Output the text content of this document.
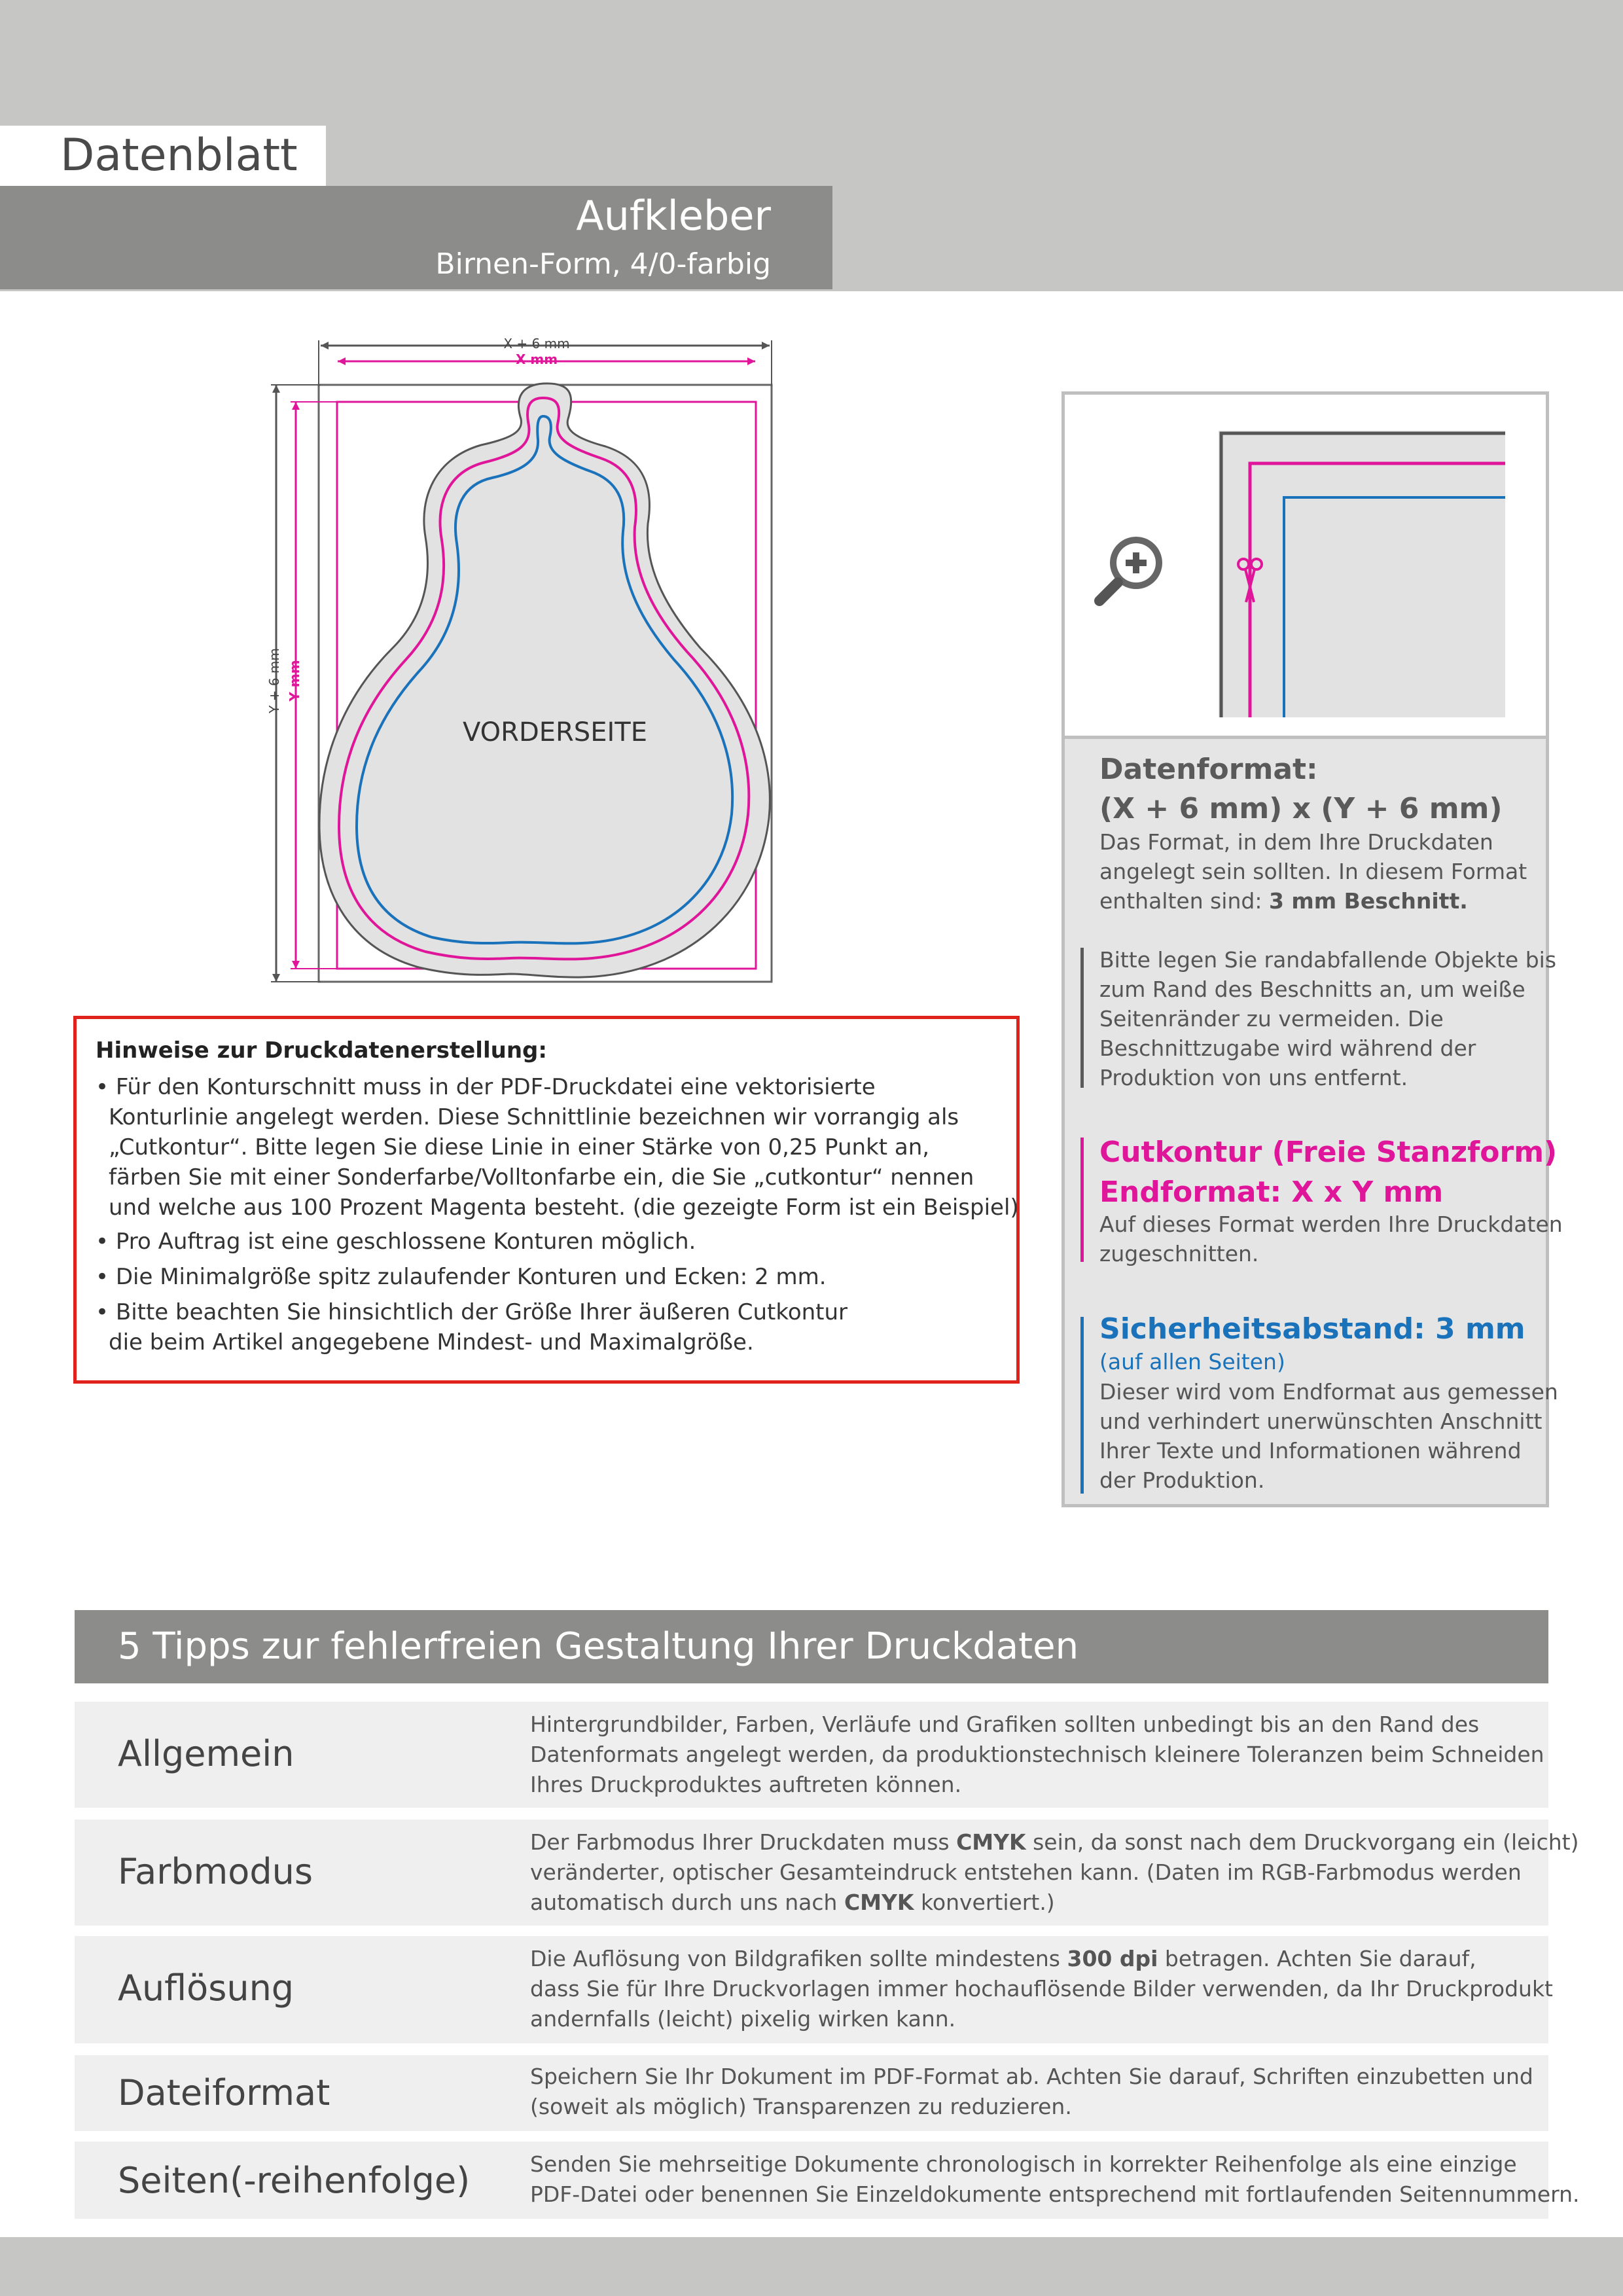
Datenblatt
Aufkleber
Birnen-Form, 4/0-farbig
X + 6 mm
X mm
Y + 6 mm Y mm
VORDERSEITE
Hinweise zur Druckdatenerstellung:
• Für den Konturschnitt muss in der PDF-Druckdatei eine vektorisierte
Konturlinie angelegt werden. Diese Schnittlinie bezeichnen wir vorrangig als
„Cutkontur“. Bitte legen Sie diese Linie in einer Stärke von 0,25 Punkt an,
färben Sie mit einer Sonderfarbe/Volltonfarbe ein, die Sie „cutkontur“ nennen
und welche aus 100 Prozent Magenta besteht. (die gezeigte Form ist ein Beispiel)
• Pro Auftrag ist eine geschlossene Konturen möglich.
• Die Minimalgröße spitz zulaufender Konturen und Ecken: 2 mm.
• Bitte beachten Sie hinsichtlich der Größe Ihrer äußeren Cutkontur
die beim Artikel angegebene Mindest- und Maximalgröße.
Datenformat:
(X + 6 mm) x (Y + 6 mm)
Das Format, in dem Ihre Druckdaten
angelegt sein sollten. In diesem Format
enthalten sind: 3 mm Beschnitt.
Bitte legen Sie randabfallende Objekte bis
zum Rand des Beschnitts an, um weiße
Seitenränder zu vermeiden. Die
Beschnittzugabe wird während der
Produktion von uns entfernt.
Cutkontur (Freie Stanzform)
Endformat: X x Y mm
Auf dieses Format werden Ihre Druckdaten
zugeschnitten.
Sicherheitsabstand: 3 mm
(auf allen Seiten)
Dieser wird vom Endformat aus gemessen
und verhindert unerwünschten Anschnitt
Ihrer Texte und Informationen während
der Produktion.
5 Tipps zur fehlerfreien Gestaltung Ihrer Druckdaten
Allgemein
Hintergrundbilder, Farben, Verläufe und Grafiken sollten unbedingt bis an den Rand des
Datenformats angelegt werden, da produktionstechnisch kleinere Toleranzen beim Schneiden
Ihres Druckproduktes auftreten können.
Farbmodus
Der Farbmodus Ihrer Druckdaten muss CMYK sein, da sonst nach dem Druckvorgang ein (leicht)
veränderter, optischer Gesamteindruck entstehen kann. (Daten im RGB-Farbmodus werden
automatisch durch uns nach CMYK konvertiert.)
Auflösung
Die Auflösung von Bildgrafiken sollte mindestens 300 dpi betragen. Achten Sie darauf,
dass Sie für Ihre Druckvorlagen immer hochauflösende Bilder verwenden, da Ihr Druckprodukt
andernfalls (leicht) pixelig wirken kann.
Dateiformat	Speichern Sie Ihr Dokument im PDF-Format ab. Achten Sie darauf, Schriften einzubetten und
(soweit als möglich) Transparenzen zu reduzieren.
Seiten(-reihenfolge)	Senden Sie mehrseitige Dokumente chronologisch in korrekter Reihenfolge als eine einzige
PDF-Datei oder benennen Sie Einzeldokumente entsprechend mit fortlaufenden Seitennummern.
